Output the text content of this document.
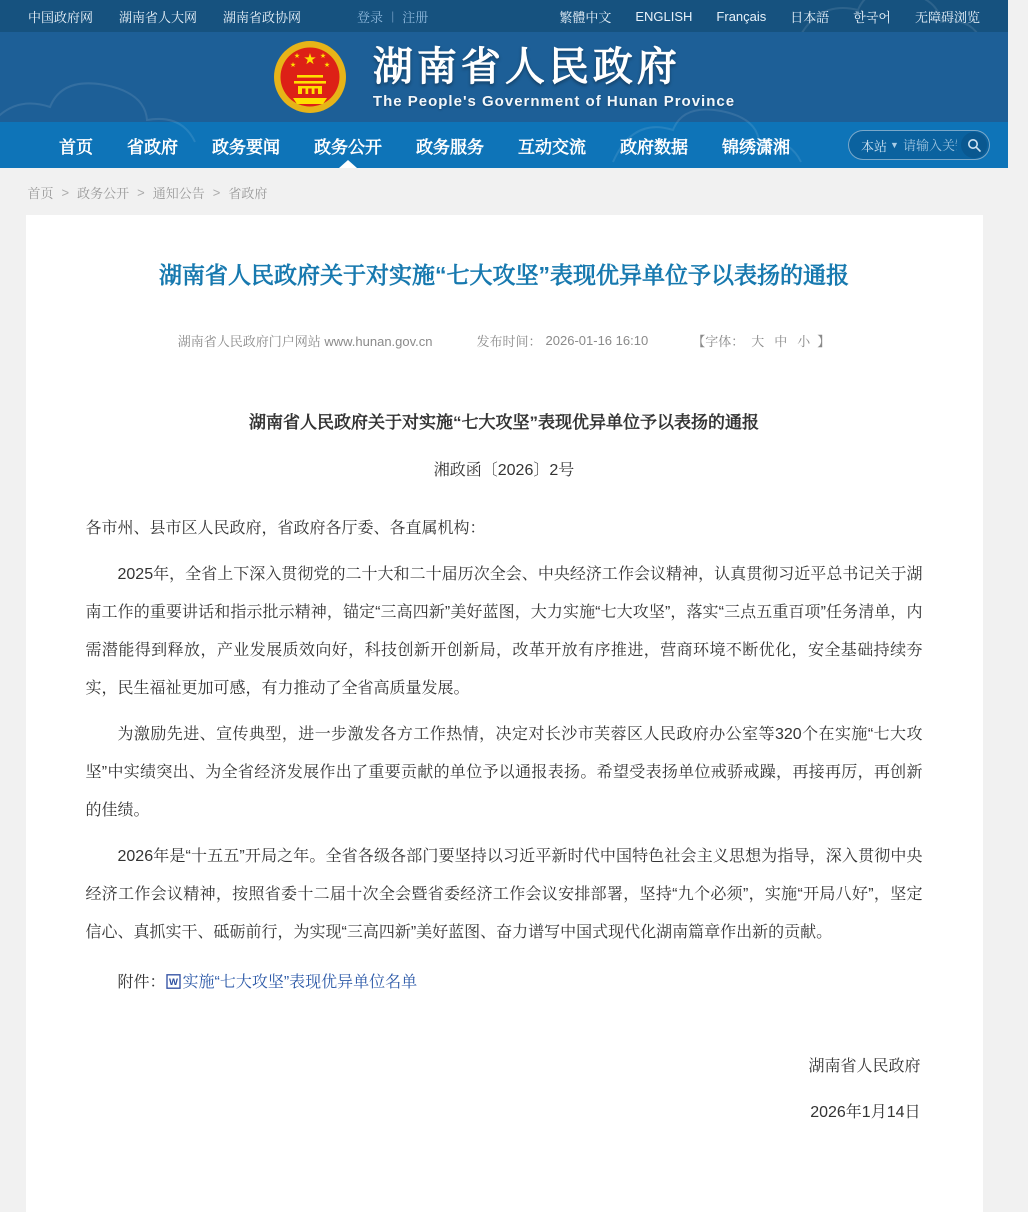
中国政府网 湖南省人大网 湖南省政协网	登录 | 注册	繁體中文 ENGLISH Français 日本語 한국어 无障碍浏览
★
★	★
★	★ 湖南省人民政府
The People's Government of Hunan Province
首页	省政府	政务要闻	政务公开	政务服务	互动交流	政府数据	锦绣潇湘	本站 ▼
请输入关键字
首页 > 政务公开 > 通知公告 > 省政府
湖南省人民政府关于对实施“七大攻坚”表现优异单位予以表扬的通报
湖南省人民政府门户网站 www.hunan.gov.cn	发布时间： 2026-01-16 16:10	【字体： 大 中 小 】
湖南省人民政府关于对实施“七大攻坚”表现优异单位予以表扬的通报
湘政函〔2026〕2号

各市州、县市区人民政府，省政府各厅委、各直属机构：

2025年，全省上下深入贯彻党的二十大和二十届历次全会、中央经济工作会议精神，认真贯彻习近平总书记关于湖南工作的重要讲话和指示批示精神，锚定“三高四新”美好蓝图，大力实施“七大攻坚”，落实“三点五重百项”任务清单，内需潜能得到释放，产业发展质效向好，科技创新开创新局，改革开放有序推进，营商环境不断优化，安全基础持续夯实，民生福祉更加可感，有力推动了全省高质量发展。

为激励先进、宣传典型，进一步激发各方工作热情，决定对长沙市芙蓉区人民政府办公室等320个在实施“七大攻坚”中实绩突出、为全省经济发展作出了重要贡献的单位予以通报表扬。希望受表扬单位戒骄戒躁，再接再厉，再创新的佳绩。

2026年是“十五五”开局之年。全省各级各部门要坚持以习近平新时代中国特色社会主义思想为指导，深入贯彻中央经济工作会议精神，按照省委十二届十次全会暨省委经济工作会议安排部署，坚持“九个必须”，实施“开局八好”，坚定信心、真抓实干、砥砺前行，为实现“三高四新”美好蓝图、奋力谱写中国式现代化湖南篇章作出新的贡献。

附件： W 实施“七大攻坚”表现优异单位名单
湖南省人民政府
2026年1月14日
